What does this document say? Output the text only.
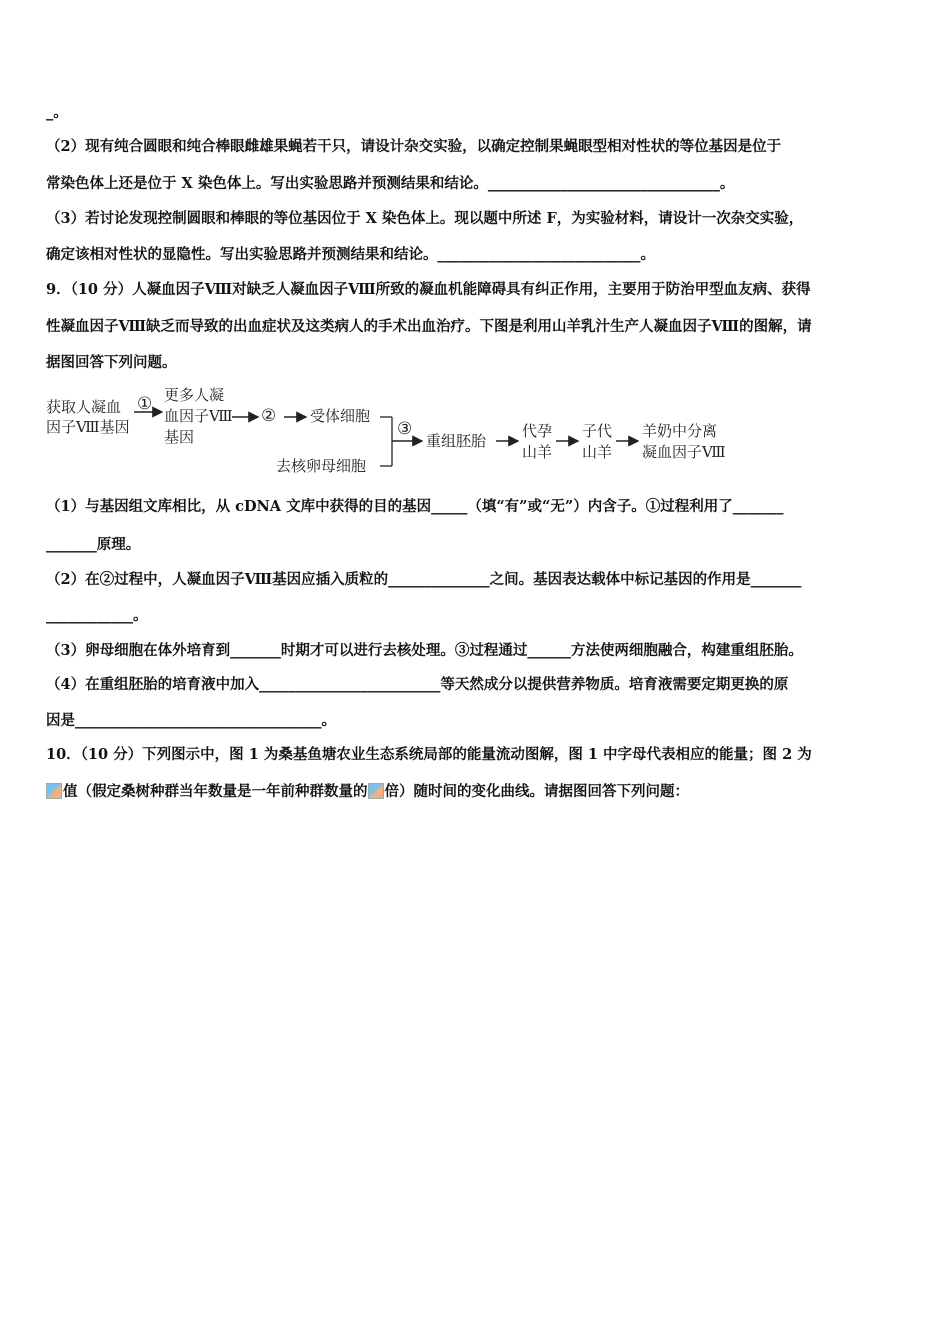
_。
（2）现有纯合圆眼和纯合棒眼雌雄果蝇若干只，请设计杂交实验，以确定控制果蝇眼型相对性状的等位基因是位于
常染色体上还是位于 X 染色体上。写出实验思路并预测结果和结论。________________________________。
（3）若讨论发现控制圆眼和棒眼的等位基因位于 X 染色体上。现以题中所述 F，为实验材料，请设计一次杂交实验，
确定该相对性状的显隐性。写出实验思路并预测结果和结论。____________________________。
9．（10 分）人凝血因子Ⅷ对缺乏人凝血因子Ⅷ所致的凝血机能障碍具有纠正作用，主要用于防治甲型血友病、获得
性凝血因子Ⅷ缺乏而导致的出血症状及这类病人的手术出血治疗。下图是利用山羊乳汁生产人凝血因子Ⅷ的图解，请
据图回答下列问题。
获取人凝血
因子Ⅷ基因
① 更多人凝
血因子Ⅷ
基因
② 受体细胞
去核卵母细胞
③
重组胚胎
代孕
山羊
子代
山羊
羊奶中分离
凝血因子Ⅷ
（1）与基因组文库相比，从 cDNA 文库中获得的目的基因_____（填“有”或“无”）内含子。①过程利用了_______
_______原理。
（2）在②过程中，人凝血因子Ⅷ基因应插入质粒的______________之间。基因表达载体中标记基因的作用是_______
____________。
（3）卵母细胞在体外培育到_______时期才可以进行去核处理。③过程通过______方法使两细胞融合，构建重组胚胎。
（4）在重组胚胎的培育液中加入_________________________等天然成分以提供营养物质。培育液需要定期更换的原
因是__________________________________。
10．（10 分）下列图示中，图 1 为桑基鱼塘农业生态系统局部的能量流动图解，图 1 中字母代表相应的能量；图 2 为
值（假定桑树种群当年数量是一年前种群数量的 倍）随时间的变化曲线。请据图回答下列问题：
